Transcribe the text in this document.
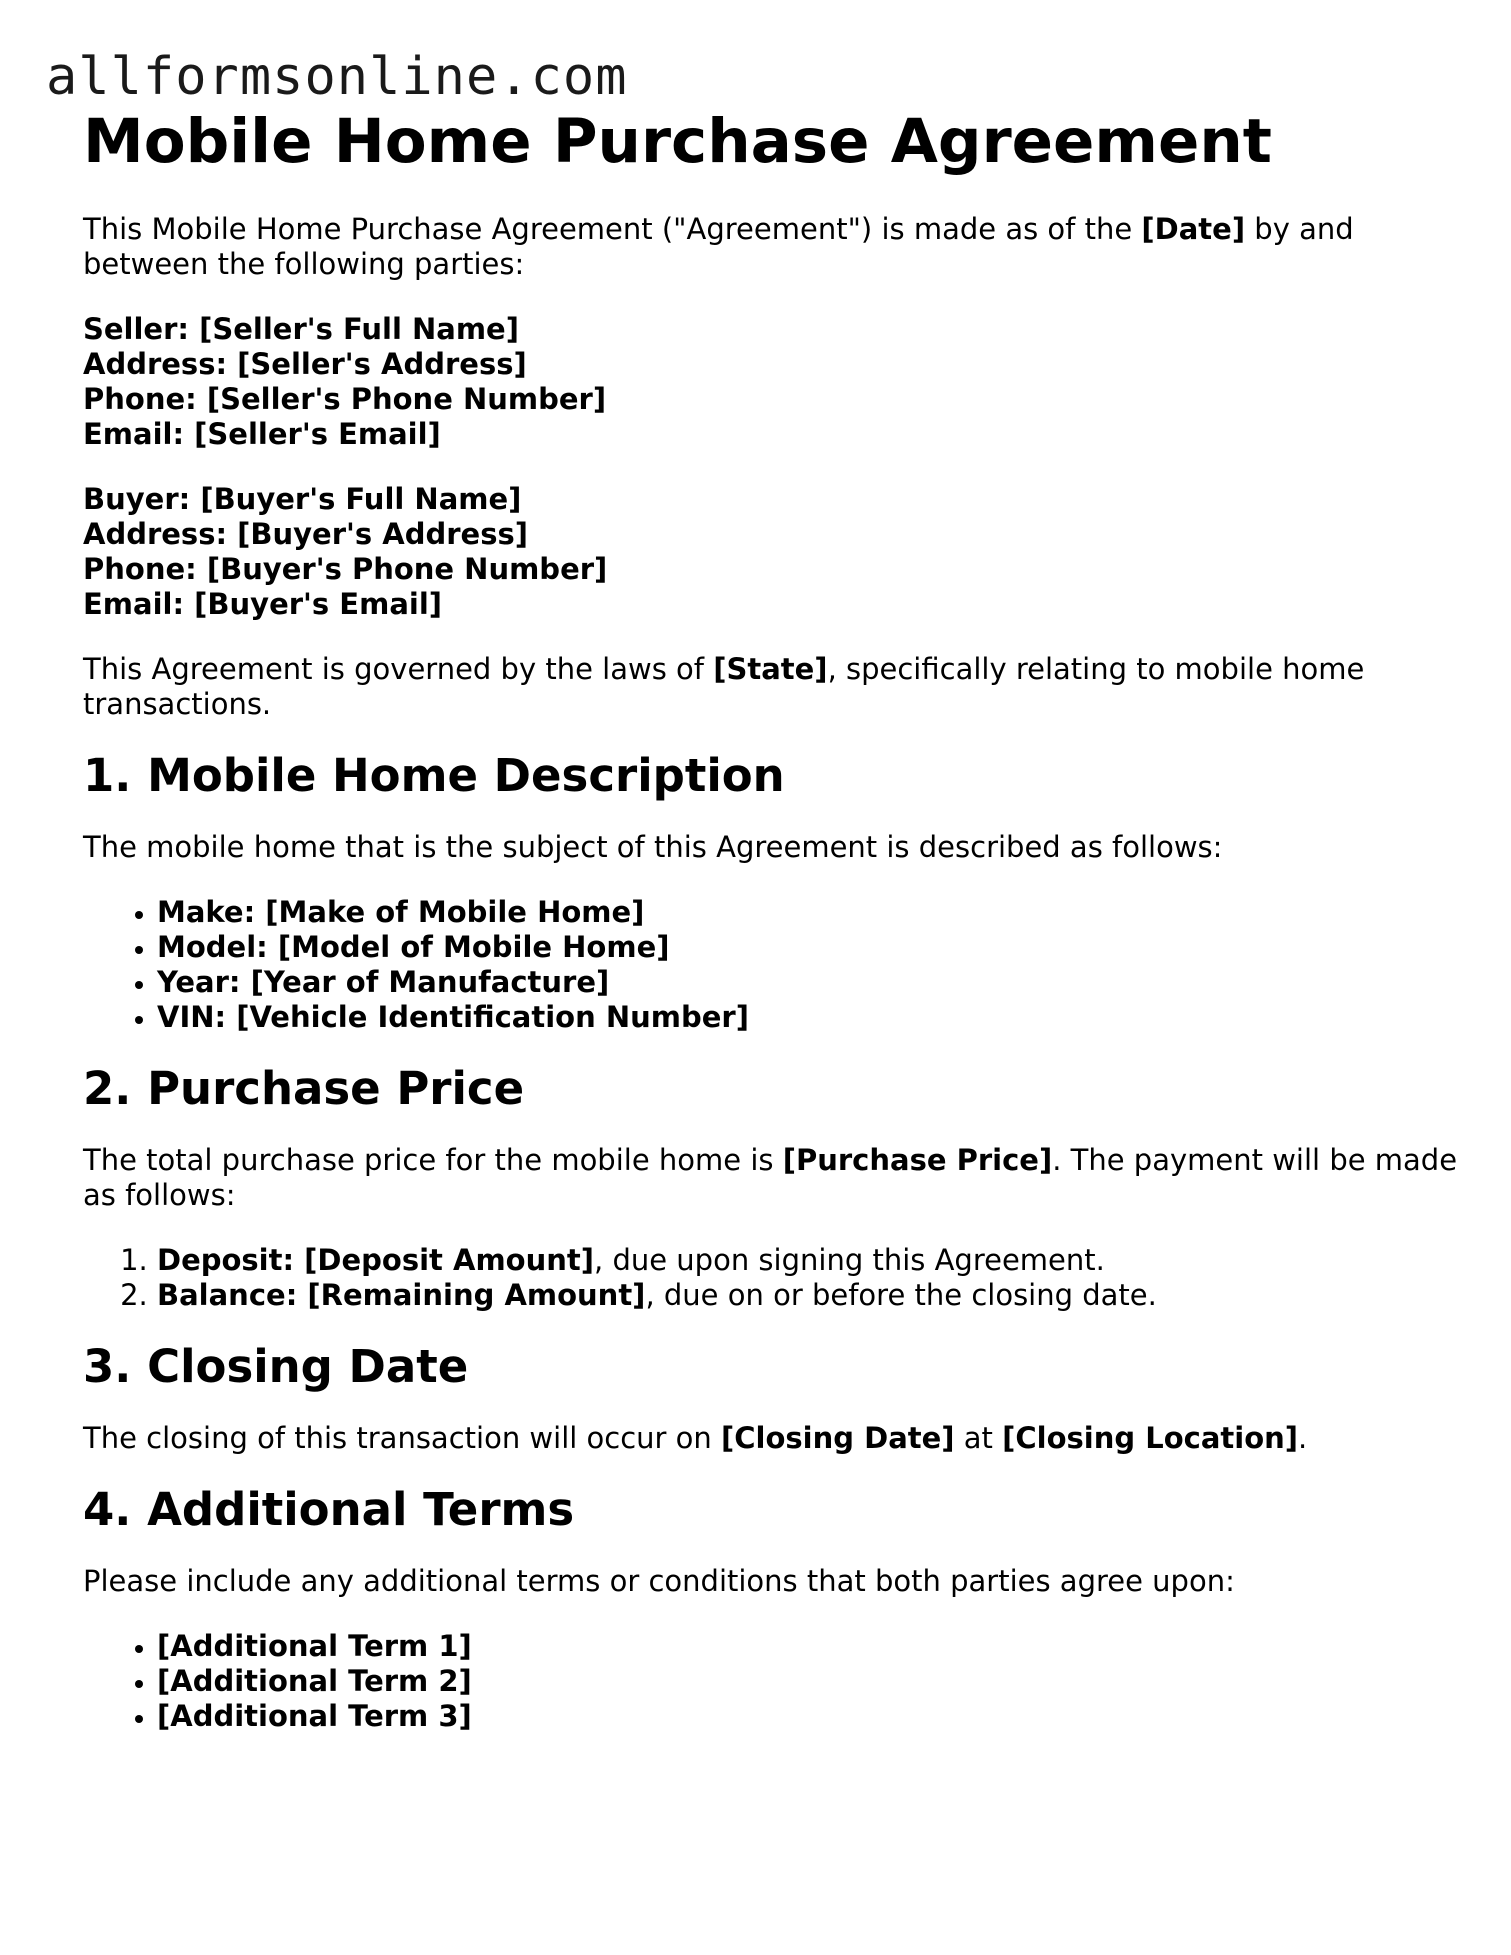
allformsonline.com
Mobile Home Purchase Agreement

This Mobile Home Purchase Agreement ("Agreement") is made as of the [Date] by and between the following parties:

Seller: [Seller's Full Name]
Address: [Seller's Address]
Phone: [Seller's Phone Number]
Email: [Seller's Email]
Buyer: [Buyer's Full Name]
Address: [Buyer's Address]
Phone: [Buyer's Phone Number]
Email: [Buyer's Email]

This Agreement is governed by the laws of [State], specifically relating to mobile home transactions.

1. Mobile Home Description

The mobile home that is the subject of this Agreement is described as follows:

• Make: [Make of Mobile Home]
• Model: [Model of Mobile Home]
• Year: [Year of Manufacture]
• VIN: [Vehicle Identification Number]
2. Purchase Price

The total purchase price for the mobile home is [Purchase Price]. The payment will be made as follows:

1. Deposit: [Deposit Amount], due upon signing this Agreement.
2. Balance: [Remaining Amount], due on or before the closing date.
3. Closing Date

The closing of this transaction will occur on [Closing Date] at [Closing Location].

4. Additional Terms

Please include any additional terms or conditions that both parties agree upon:

• [Additional Term 1]
• [Additional Term 2]
• [Additional Term 3]
